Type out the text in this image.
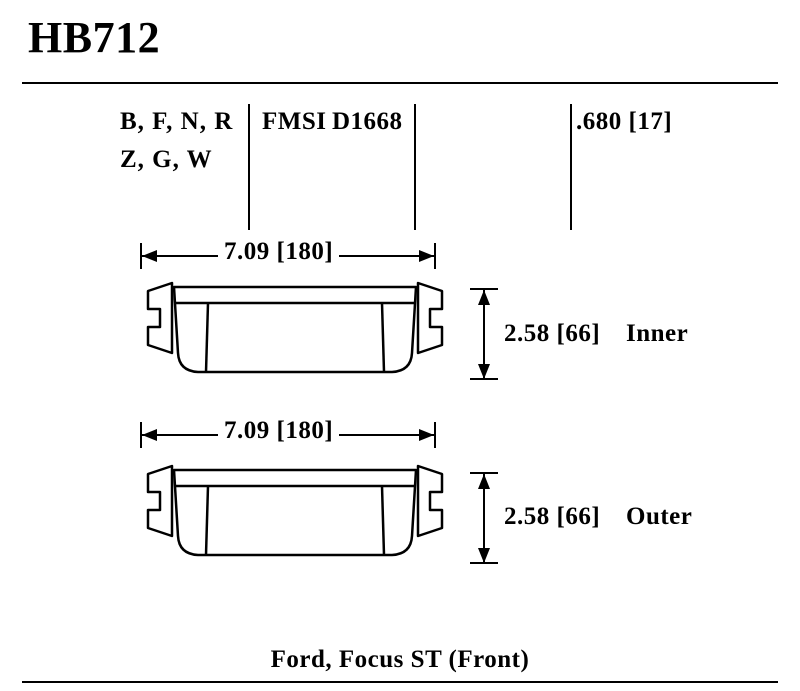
HB712
B, F, N, R
Z, G, W
FMSI D1668	.680 [17]
7.09 [180]
2.58 [66] Inner
7.09 [180]
2.58 [66] Outer
Ford, Focus ST (Front)
